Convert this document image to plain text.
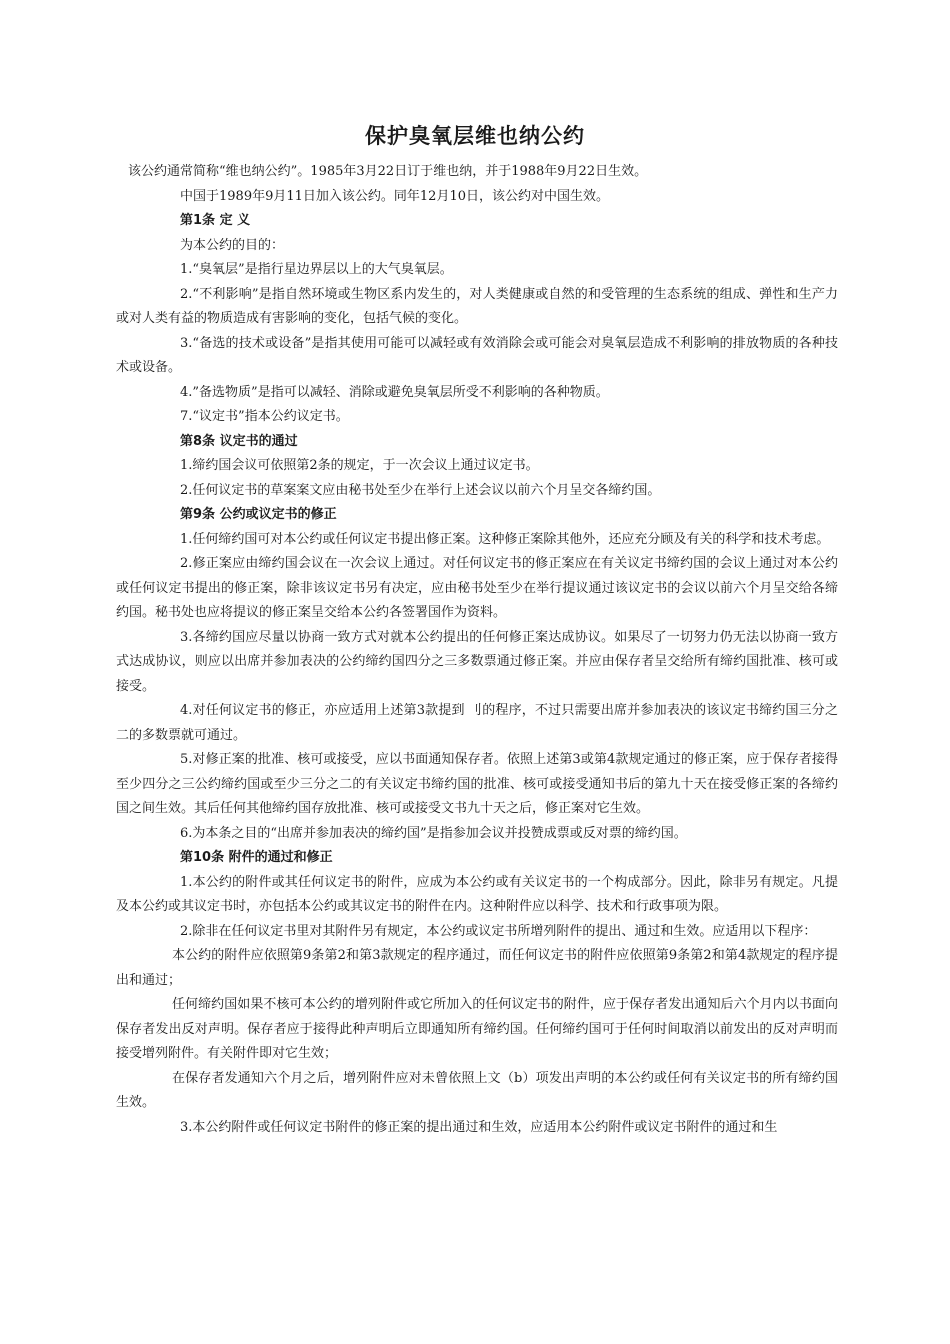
保护臭氧层维也纳公约

该公约通常简称“维也纳公约”。1985年3月22日订于维也纳，并于1988年9月22日生效。

中国于1989年9月11日加入该公约。同年12月10日，该公约对中国生效。

第1条 定 义

为本公约的目的：

1.“臭氧层”是指行星边界层以上的大气臭氧层。

2.“不利影响”是指自然环境或生物区系内发生的，对人类健康或自然的和受管理的生态系统的组成、弹性和生产力或对人类有益的物质造成有害影响的变化，包括气候的变化。

3.“备选的技术或设备”是指其使用可能可以减轻或有效消除会或可能会对臭氧层造成不利影响的排放物质的各种技术或设备。

4.”备选物质”是指可以减轻、消除或避免臭氧层所受不利影响的各种物质。

7.“议定书”指本公约议定书。

第8条 议定书的通过

1.缔约国会议可依照第2条的规定，于一次会议上通过议定书。

2.任何议定书的草案案文应由秘书处至少在举行上述会议以前六个月呈交各缔约国。

第9条 公约或议定书的修正

1.任何缔约国可对本公约或任何议定书提出修正案。这种修正案除其他外，还应充分顾及有关的科学和技术考虑。

2.修正案应由缔约国会议在一次会议上通过。对任何议定书的修正案应在有关议定书缔约国的会议上通过对本公约或任何议定书提出的修正案，除非该议定书另有决定，应由秘书处至少在举行提议通过该议定书的会议以前六个月呈交给各缔约国。秘书处也应将提议的修正案呈交给本公约各签署国作为资料。

3.各缔约国应尽量以协商一致方式对就本公约提出的任何修正案达成协议。如果尽了一切努力仍无法以协商一致方式达成协议，则应以出席并参加表决的公约缔约国四分之三多数票通过修正案。并应由保存者呈交给所有缔约国批准、核可或接受。

4.对任何议定书的修正，亦应适用上述第3款提到 刂的程序，不过只需要出席并参加表决的该议定书缔约国三分之二的多数票就可通过。

5.对修正案的批准、核可或接受，应以书面通知保存者。依照上述第3或第4款规定通过的修正案，应于保存者接得至少四分之三公约缔约国或至少三分之二的有关议定书缔约国的批准、核可或接受通知书后的第九十天在接受修正案的各缔约国之间生效。其后任何其他缔约国存放批准、核可或接受文书九十天之后，修正案对它生效。

6.为本条之目的“出席并参加表决的缔约国”是指参加会议并投赞成票或反对票的缔约国。

第10条 附件的通过和修正

1.本公约的附件或其任何议定书的附件，应成为本公约或有关议定书的一个构成部分。因此，除非另有规定。凡提及本公约或其议定书时，亦包括本公约或其议定书的附件在内。这种附件应以科学、技术和行政事项为限。

2.除非在任何议定书里对其附件另有规定，本公约或议定书所增列附件的提出、通过和生效。应适用以下程序：

本公约的附件应依照第9条第2和第3款规定的程序通过，而任何议定书的附件应依照第9条第2和第4款规定的程序提出和通过；

任何缔约国如果不核可本公约的增列附件或它所加入的任何议定书的附件，应于保存者发出通知后六个月内以书面向保存者发出反对声明。保存者应于接得此种声明后立即通知所有缔约国。任何缔约国可于任何时间取消以前发出的反对声明而接受增列附件。有关附件即对它生效；

在保存者发通知六个月之后，增列附件应对未曾依照上文（b）项发出声明的本公约或任何有关议定书的所有缔约国生效。

3.本公约附件或任何议定书附件的修正案的提出通过和生效，应适用本公约附件或议定书附件的通过和生
